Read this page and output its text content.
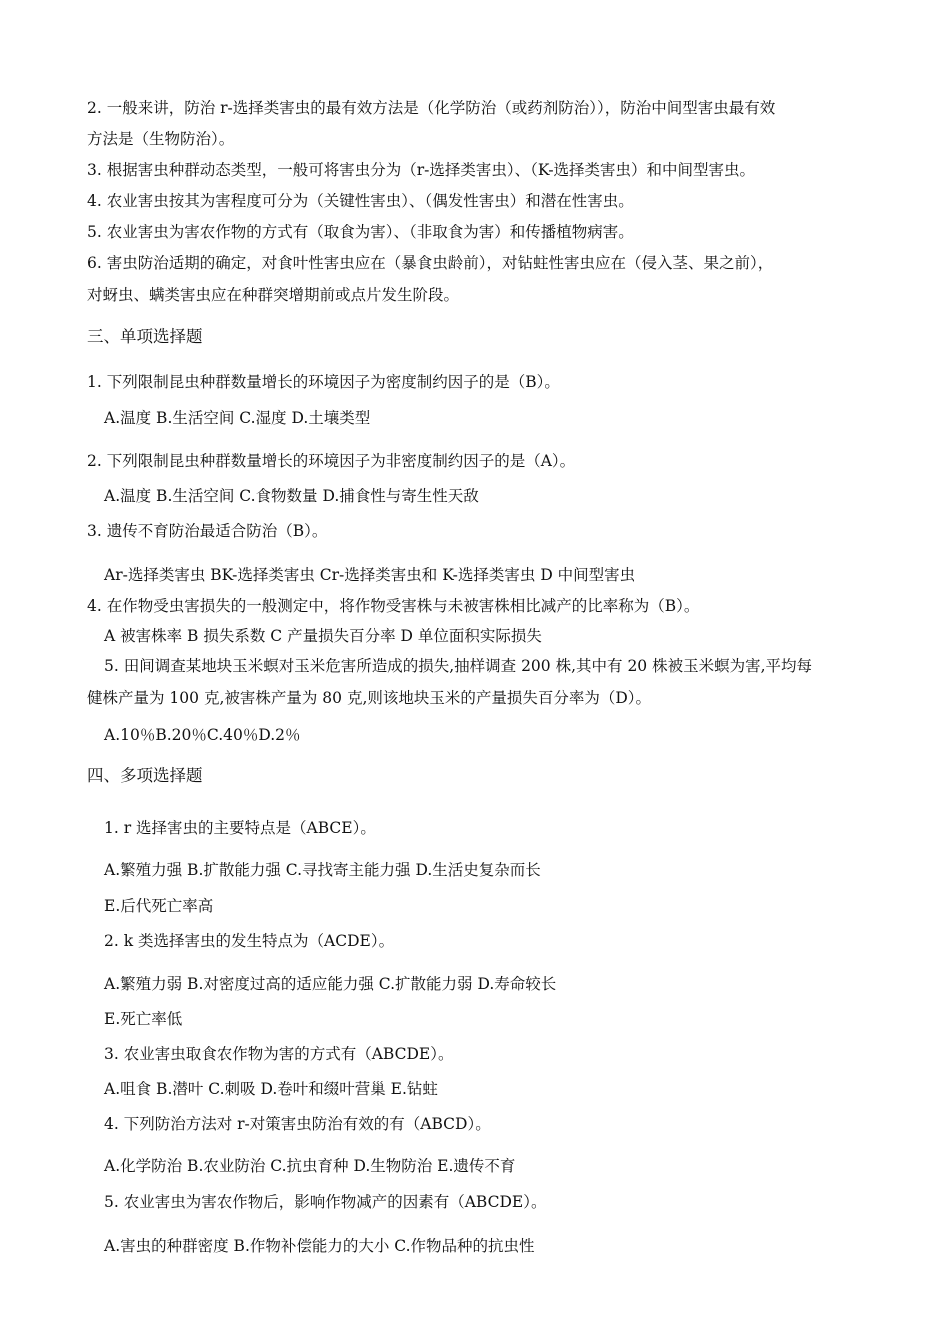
2. 一般来讲，防治 r-选择类害虫的最有效方法是（化学防治（或药剂防治）），防治中间型害虫最有效
方法是（生物防治）。
3. 根据害虫种群动态类型，一般可将害虫分为（r-选择类害虫）、（K-选择类害虫）和中间型害虫。
4. 农业害虫按其为害程度可分为（关键性害虫）、（偶发性害虫）和潜在性害虫。
5. 农业害虫为害农作物的方式有（取食为害）、（非取食为害）和传播植物病害。
6. 害虫防治适期的确定，对食叶性害虫应在（暴食虫龄前），对钻蛀性害虫应在（侵入茎、果之前），
对蚜虫、螨类害虫应在种群突增期前或点片发生阶段。
三、单项选择题
1. 下列限制昆虫种群数量增长的环境因子为密度制约因子的是（B）。
A.温度 B.生活空间 C.湿度 D.土壤类型
2. 下列限制昆虫种群数量增长的环境因子为非密度制约因子的是（A）。
A.温度 B.生活空间 C.食物数量 D.捕食性与寄生性天敌
3. 遗传不育防治最适合防治（B）。
Ar-选择类害虫 BK-选择类害虫 Cr-选择类害虫和 K-选择类害虫 D 中间型害虫
4. 在作物受虫害损失的一般测定中，将作物受害株与未被害株相比减产的比率称为（B）。
A 被害株率 B 损失系数 C 产量损失百分率 D 单位面积实际损失
5. 田间调查某地块玉米螟对玉米危害所造成的损失,抽样调查 200 株,其中有 20 株被玉米螟为害,平均每
健株产量为 100 克,被害株产量为 80 克,则该地块玉米的产量损失百分率为（D）。
A.10％B.20％C.40％D.2％
四、多项选择题
1. r 选择害虫的主要特点是（ABCE）。
A.繁殖力强 B.扩散能力强 C.寻找寄主能力强 D.生活史复杂而长
E.后代死亡率高
2. k 类选择害虫的发生特点为（ACDE）。
A.繁殖力弱 B.对密度过高的适应能力强 C.扩散能力弱 D.寿命较长
E.死亡率低
3. 农业害虫取食农作物为害的方式有（ABCDE）。
A.咀食 B.潜叶 C.刺吸 D.卷叶和缀叶营巢 E.钻蛀
4. 下列防治方法对 r-对策害虫防治有效的有（ABCD）。
A.化学防治 B.农业防治 C.抗虫育种 D.生物防治 E.遗传不育
5. 农业害虫为害农作物后，影响作物减产的因素有（ABCDE）。
A.害虫的种群密度 B.作物补偿能力的大小 C.作物品种的抗虫性
